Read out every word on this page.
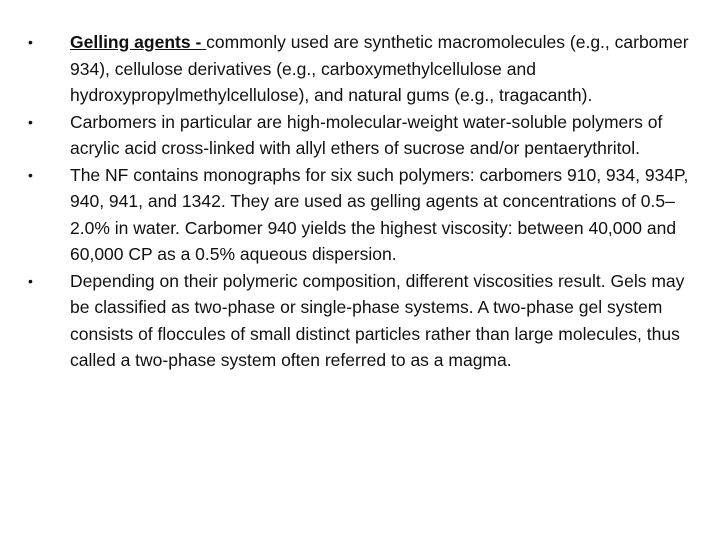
•	Gelling agents - commonly used are synthetic macromolecules (e.g., carbomer 934), cellulose derivatives (e.g., carboxymethylcellulose and hydroxypropylmethylcellulose), and natural gums (e.g., tragacanth).
•	Carbomers in particular are high-molecular-weight water-soluble polymers of acrylic acid cross-linked with allyl ethers of sucrose and/or pentaerythritol.
•	The NF contains monographs for six such polymers: carbomers 910, 934, 934P, 940, 941, and 1342. They are used as gelling agents at concentrations of 0.5–2.0% in water. Carbomer 940 yields the highest viscosity: between 40,000 and 60,000 CP as a 0.5% aqueous dispersion.
•	Depending on their polymeric composition, different viscosities result. Gels may be classified as two-phase or single-phase systems. A two-phase gel system consists of floccules of small distinct particles rather than large molecules, thus called a two-phase system often referred to as a magma.
